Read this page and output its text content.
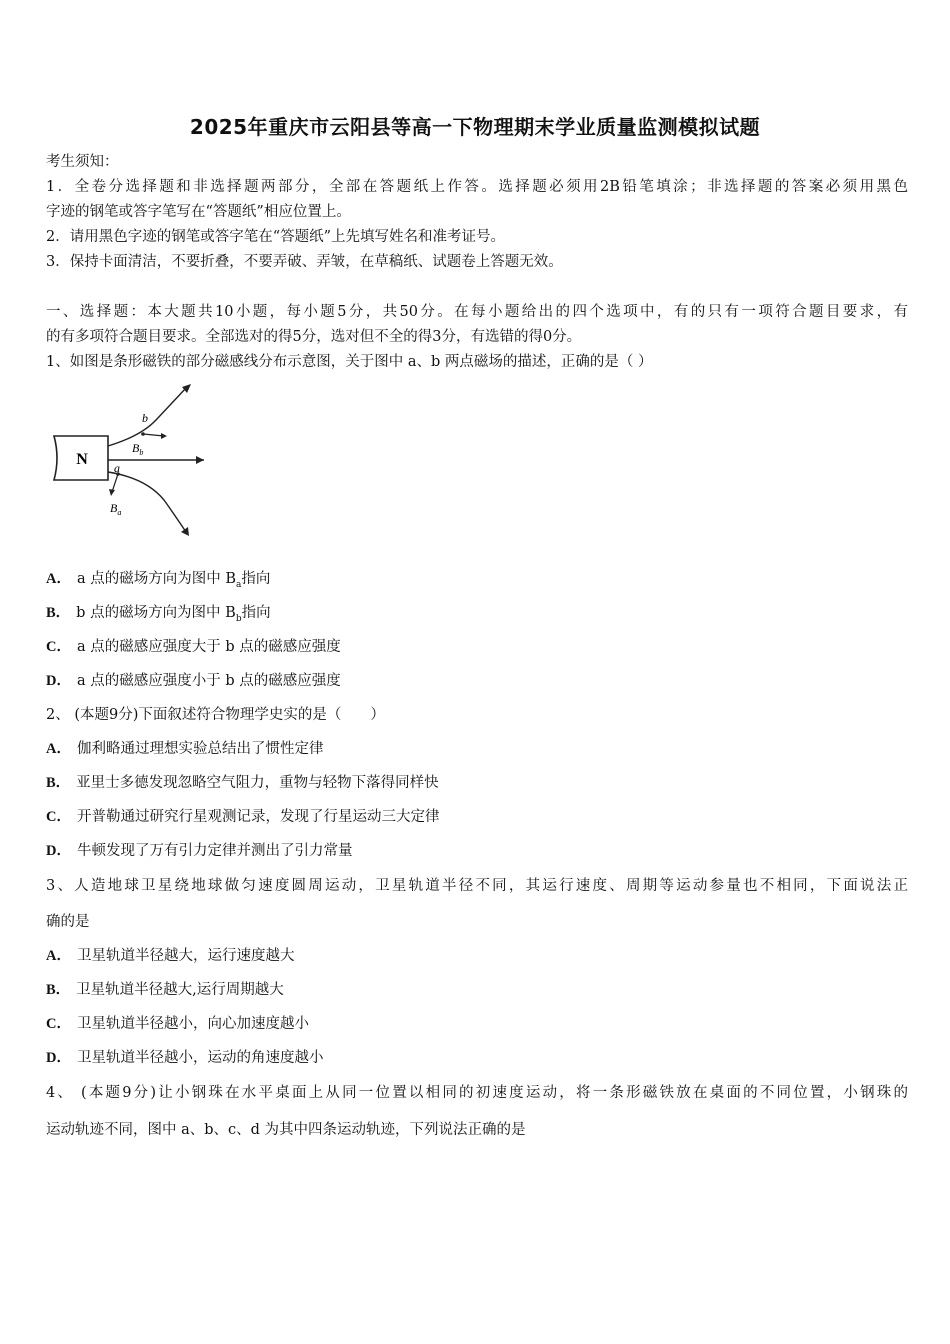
2025年重庆市云阳县等高一下物理期末学业质量监测模拟试题
考生须知：
1．全卷分选择题和非选择题两部分，全部在答题纸上作答。选择题必须用2B铅笔填涂；非选择题的答案必须用黑色
字迹的钢笔或答字笔写在“答题纸”相应位置上。
2．请用黑色字迹的钢笔或答字笔在“答题纸”上先填写姓名和准考证号。
3．保持卡面清洁，不要折叠，不要弄破、弄皱，在草稿纸、试题卷上答题无效。
一、选择题：本大题共10小题，每小题5分，共50分。在每小题给出的四个选项中，有的只有一项符合题目要求，有
的有多项符合题目要求。全部选对的得5分，选对但不全的得3分，有选错的得0分。
1、如图是条形磁铁的部分磁感线分布示意图，关于图中 a、b 两点磁场的描述，正确的是（ ）
N
b
$B_b$
a
$B_a$
A． a 点的磁场方向为图中 $B_a$指向
B． b 点的磁场方向为图中 $B_b$指向
C． a 点的磁感应强度大于 b 点的磁感应强度
D． a 点的磁感应强度小于 b 点的磁感应强度
2、 (本题9分)下面叙述符合物理学史实的是（　　）
A． 伽利略通过理想实验总结出了惯性定律
B． 亚里士多德发现忽略空气阻力，重物与轻物下落得同样快
C． 开普勒通过研究行星观测记录，发现了行星运动三大定律
D． 牛顿发现了万有引力定律并测出了引力常量
3、人造地球卫星绕地球做匀速度圆周运动，卫星轨道半径不同，其运行速度、周期等运动参量也不相同，下面说法正
确的是
A． 卫星轨道半径越大，运行速度越大
B． 卫星轨道半径越大,运行周期越大
C． 卫星轨道半径越小，向心加速度越小
D． 卫星轨道半径越小，运动的角速度越小
4、 (本题9分)让小钢珠在水平桌面上从同一位置以相同的初速度运动，将一条形磁铁放在桌面的不同位置，小钢珠的
运动轨迹不同，图中 a、b、c、d 为其中四条运动轨迹，下列说法正确的是
